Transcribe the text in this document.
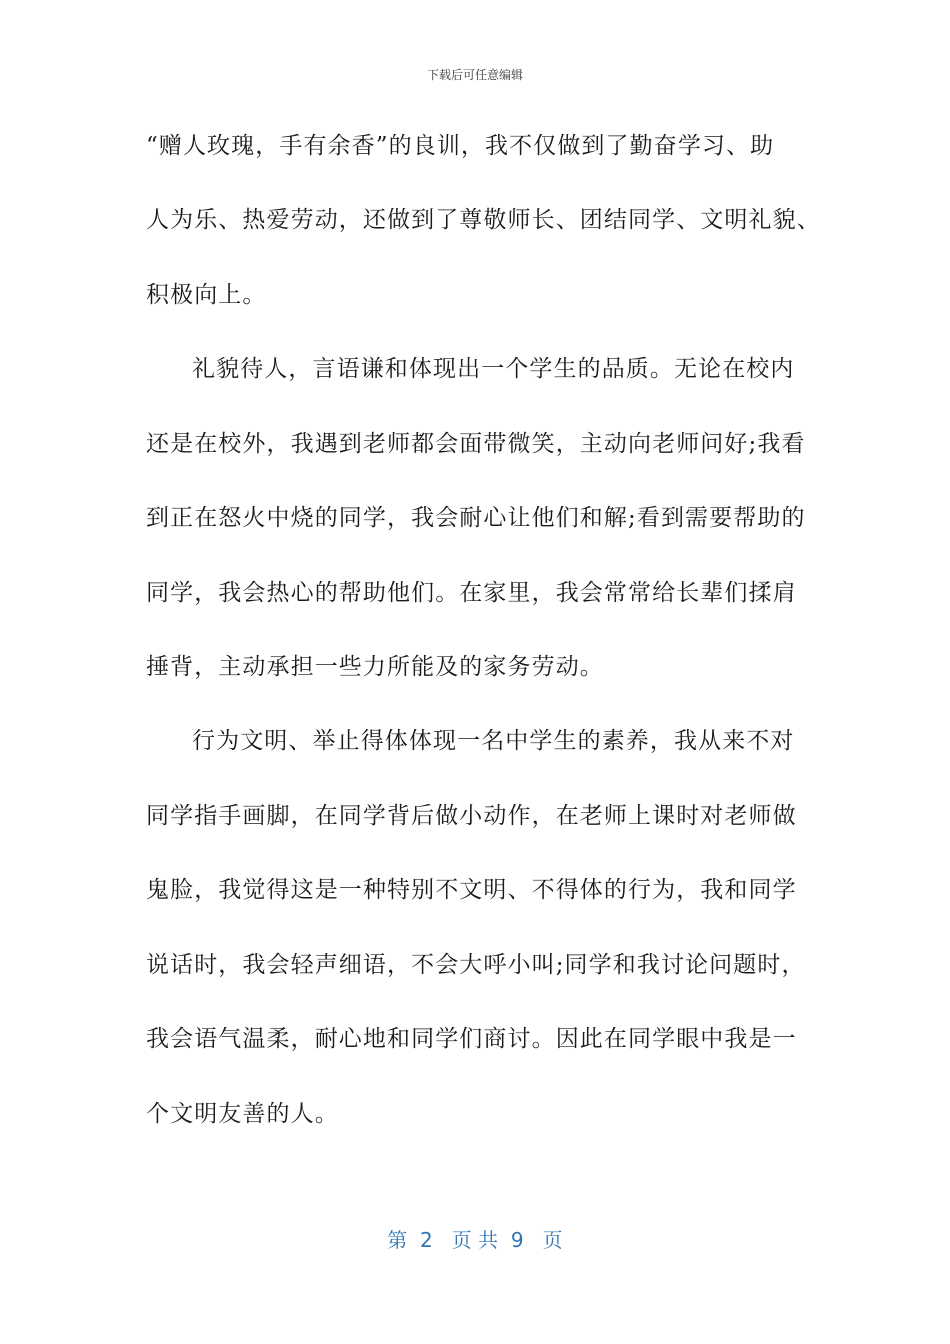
下载后可任意编辑
“赠人玫瑰，手有余香”的良训，我不仅做到了勤奋学习、助
人为乐、热爱劳动，还做到了尊敬师长、团结同学、文明礼貌、
积极向上。
礼貌待人，言语谦和体现出一个学生的品质。无论在校内
还是在校外，我遇到老师都会面带微笑，主动向老师问好;我看
到正在怒火中烧的同学，我会耐心让他们和解;看到需要帮助的
同学，我会热心的帮助他们。在家里，我会常常给长辈们揉肩
捶背，主动承担一些力所能及的家务劳动。
行为文明、举止得体体现一名中学生的素养，我从来不对
同学指手画脚，在同学背后做小动作，在老师上课时对老师做
鬼脸，我觉得这是一种特别不文明、不得体的行为，我和同学
说话时，我会轻声细语，不会大呼小叫;同学和我讨论问题时，
我会语气温柔，耐心地和同学们商讨。因此在同学眼中我是一
个文明友善的人。
第  2   页 共  9   页
